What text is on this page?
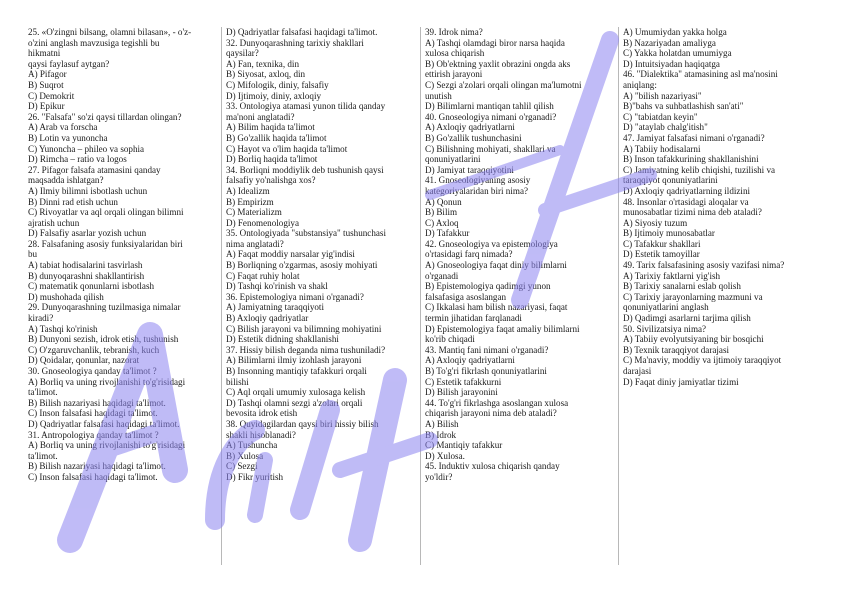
25. «O'zingni bilsang, olamni bilasan», - o'z-
o'zini anglash mavzusiga tegishli bu
hikmatni
qaysi faylasuf aytgan?
A) Pifagor
B) Suqrot
C) Demokrit
D) Epikur
26. "Falsafa" so'zi qaysi tillardan olingan?
A) Arab va forscha
B) Lotin va yunoncha
C) Yunoncha – phileo va sophia
D) Rimcha – ratio va logos
27. Pifagor falsafa atamasini qanday
maqsadda ishlatgan?
A) Ilmiy bilimni isbotlash uchun
B) Dinni rad etish uchun
C) Rivoyatlar va aql orqali olingan bilimni
ajratish uchun
D) Falsafiy asarlar yozish uchun
28. Falsafaning asosiy funksiyalaridan biri
bu
A) tabiat hodisalarini tasvirlash
B) dunyoqarashni shakllantirish
C) matematik qonunlarni isbotlash
D) mushohada qilish
29. Dunyoqarashning tuzilmasiga nimalar
kiradi?
A) Tashqi ko'rinish
B) Dunyoni sezish, idrok etish, tushunish
C) O'zgaruvchanlik, tebranish, kuch
D) Qoidalar, qonunlar, nazorat
30. Gnoseologiya qanday ta'limot ?
A) Borliq va uning rivojlanishi to'g'risidagi
ta'limot.
B) Bilish nazariyasi haqidagi ta'limot.
C) Inson falsafasi haqidagi ta'limot.
D) Qadriyatlar falsafasi haqidagi ta'limot.
31. Antropologiya qanday ta'limot ?
A) Borliq va uning rivojlanishi to'g'risidagi
ta'limot.
B) Bilish nazariyasi haqidagi ta'limot.
C) Inson falsafasi haqidagi ta'limot.
D) Qadriyatlar falsafasi haqidagi ta'limot.
32. Dunyoqarashning tarixiy shakllari
qaysilar?
A) Fan, texnika, din
B) Siyosat, axloq, din
C) Mifologik, diniy, falsafiy
D) Ijtimoiy, diniy, axloqiy
33. Ontologiya atamasi yunon tilida qanday
ma'noni anglatadi?
A) Bilim haqida ta'limot
B) Go'zallik haqida ta'limot
C) Hayot va o'lim haqida ta'limot
D) Borliq haqida ta'limot
34. Borliqni moddiylik deb tushunish qaysi
falsafiy yo'nalishga xos?
A) Idealizm
B) Empirizm
C) Materializm
D) Fenomenologiya
35. Ontologiyada "substansiya" tushunchasi
nima anglatadi?
A) Faqat moddiy narsalar yig'indisi
B) Borliqning o'zgarmas, asosiy mohiyati
C) Faqat ruhiy holat
D) Tashqi ko'rinish va shakl
36. Epistemologiya nimani o'rganadi?
A) Jamiyatning taraqqiyoti
B) Axloqiy qadriyatlar
C) Bilish jarayoni va bilimning mohiyatini
D) Estetik didning shakllanishi
37. Hissiy bilish deganda nima tushuniladi?
A) Bilimlarni ilmiy izohlash jarayoni
B) Insonning mantiqiy tafakkuri orqali
bilishi
C) Aql orqali umumiy xulosaga kelish
D) Tashqi olamni sezgi a'zolari orqali
bevosita idrok etish
38. Quyidagilardan qaysi biri hissiy bilish
shakli hisoblanadi?
A) Tushuncha
B) Xulosa
C) Sezgi
D) Fikr yuritish
39. Idrok nima?
A) Tashqi olamdagi biror narsa haqida
xulosa chiqarish
B) Ob'ektning yaxlit obrazini ongda aks
ettirish jarayoni
C) Sezgi a'zolari orqali olingan ma'lumotni
unutish
D) Bilimlarni mantiqan tahlil qilish
40. Gnoseologiya nimani o'rganadi?
A) Axloqiy qadriyatlarni
B) Go'zallik tushunchasini
C) Bilishning mohiyati, shakllari va
qonuniyatlarini
D) Jamiyat taraqqiyotini
41. Gnoseologiyaning asosiy
kategoriyalaridan biri nima?
A) Qonun
B) Bilim
C) Axloq
D) Tafakkur
42. Gnoseologiya va epistemologiya
o'rtasidagi farq nimada?
A) Gnoseologiya faqat diniy bilimlarni
o'rganadi
B) Epistemologiya qadimgi yunon
falsafasiga asoslangan
C) Ikkalasi ham bilish nazariyasi, faqat
termin jihatidan farqlanadi
D) Epistemologiya faqat amaliy bilimlarni
ko'rib chiqadi
43. Mantiq fani nimani o'rganadi?
A) Axloqiy qadriyatlarni
B) To'g'ri fikrlash qonuniyatlarini
C) Estetik tafakkurni
D) Bilish jarayonini
44. To'g'ri fikrlashga asoslangan xulosa
chiqarish jarayoni nima deb ataladi?
A) Bilish
B) Idrok
C) Mantiqiy tafakkur
D) Xulosa.
45. Induktiv xulosa chiqarish qanday
yo'ldir?
A) Umumiydan yakka holga
B) Nazariyadan amaliyga
C) Yakka holatdan umumiyga
D) Intuitsiyadan haqiqatga
46. "Dialektika" atamasining asl ma'nosini
aniqlang:
A) "bilish nazariyasi"
B)"bahs va suhbatlashish san'ati"
C) "tabiatdan keyin"
D) "ataylab chalg'itish"
47. Jamiyat falsafasi nimani o'rganadi?
A) Tabiiy hodisalarni
B) Inson tafakkurining shakllanishini
C) Jamiyatning kelib chiqishi, tuzilishi va
taraqqiyot qonuniyatlarini
D) Axloqiy qadriyatlarning ildizini
48. Insonlar o'rtasidagi aloqalar va
munosabatlar tizimi nima deb ataladi?
A) Siyosiy tuzum
B) Ijtimoiy munosabatlar
C) Tafakkur shakllari
D) Estetik tamoyillar
49. Tarix falsafasining asosiy vazifasi nima?
A) Tarixiy faktlarni yig'ish
B) Tarixiy sanalarni eslab qolish
C) Tarixiy jarayonlarning mazmuni va
qonuniyatlarini anglash
D) Qadimgi asarlarni tarjima qilish
50. Sivilizatsiya nima?
A) Tabiiy evolyutsiyaning bir bosqichi
B) Texnik taraqqiyot darajasi
C) Ma'naviy, moddiy va ijtimoiy taraqqiyot
darajasi
D) Faqat diniy jamiyatlar tizimi
